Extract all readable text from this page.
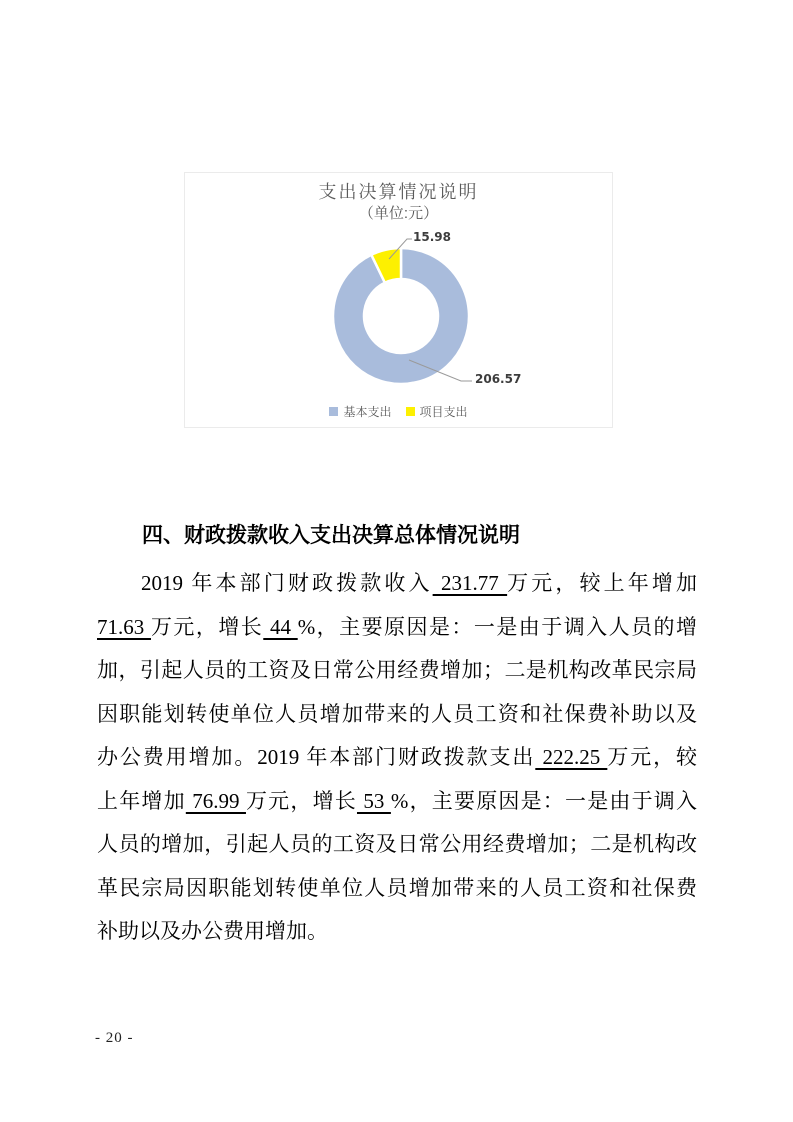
支出决算情况说明
（单位:元）
15.98
206.57
基本支出 项目支出
四、财政拨款收入支出决算总体情况说明
2019 年本部门财政拨款收入 231.77 万元，较上年增加
71.63 万元，增长 44 %，主要原因是：一是由于调入人员的增
加，引起人员的工资及日常公用经费增加；二是机构改革民宗局
因职能划转使单位人员增加带来的人员工资和社保费补助以及
办公费用增加。2019 年本部门财政拨款支出 222.25 万元，较
上年增加 76.99 万元，增长 53 %，主要原因是：一是由于调入
人员的增加，引起人员的工资及日常公用经费增加；二是机构改
革民宗局因职能划转使单位人员增加带来的人员工资和社保费
补助以及办公费用增加。
- 20 -
